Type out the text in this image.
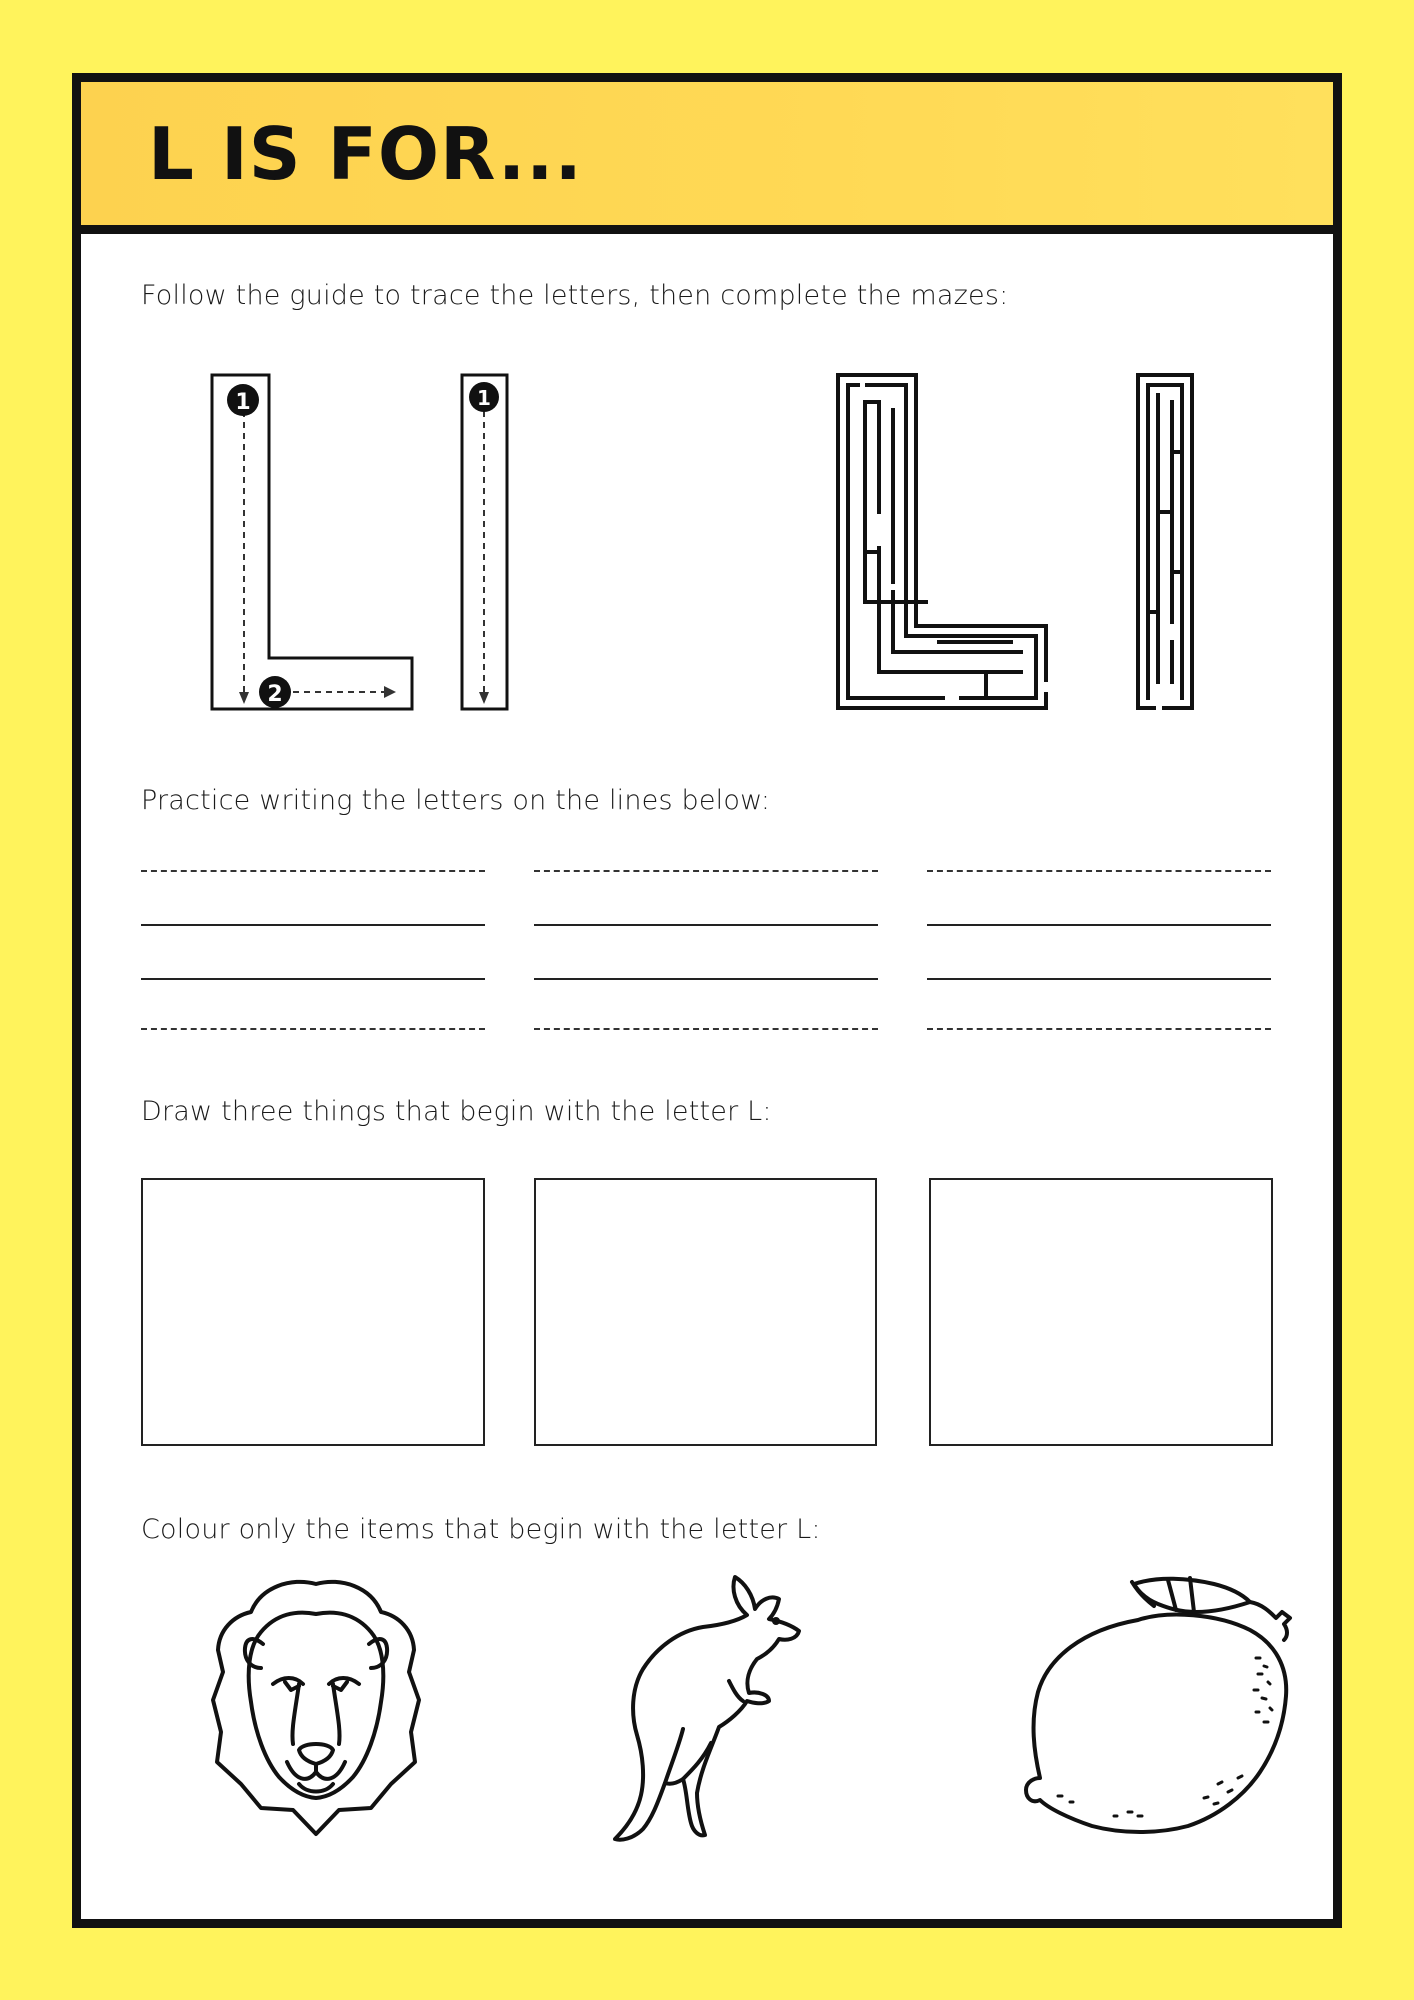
L IS FOR...
Follow the guide to trace the letters, then complete the mazes:
1
2
1
Practice writing the letters on the lines below:
Draw three things that begin with the letter L:
Colour only the items that begin with the letter L:
